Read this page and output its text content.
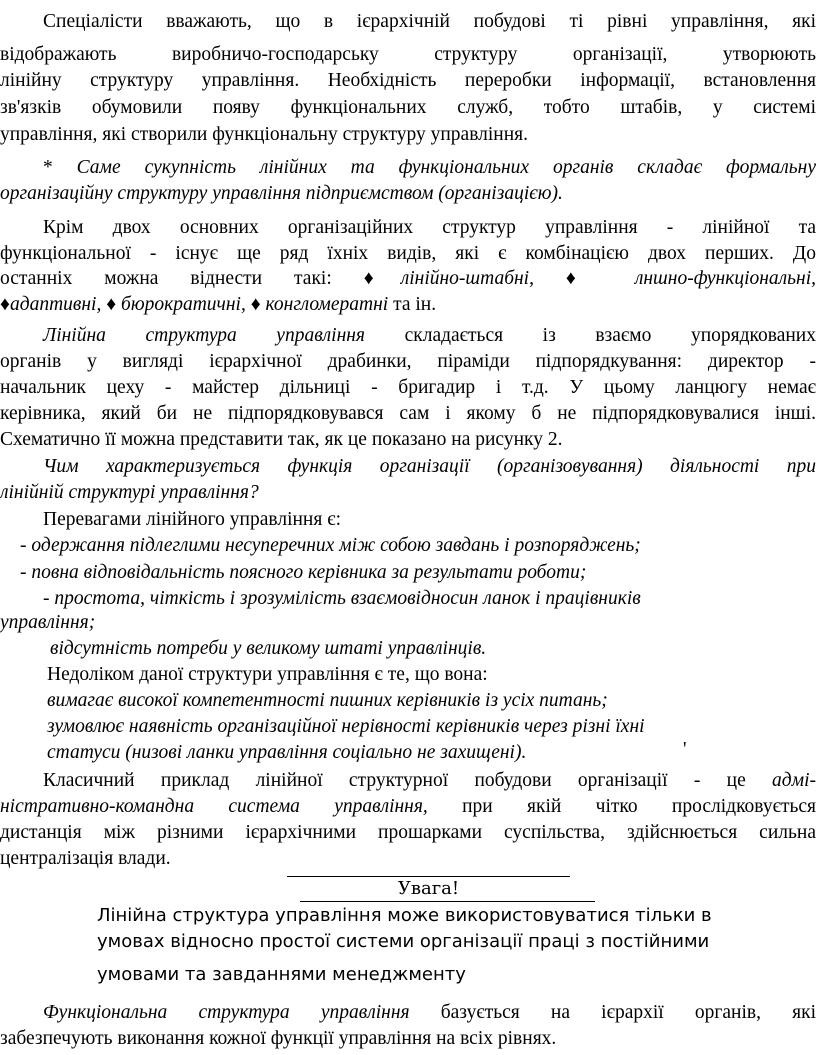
Спеціалісти вважають, що в ієрархічній побудові ті рівні управління, які
відображають виробничо-господарську структуру організації, утворюють
лінійну структуру управління. Необхідність переробки інформації, встановлення
зв'язків обумовили появу функціональних служб, тобто штабів, у системі
управління, які створили функціональну структуру управління.
* Саме сукупність лінійних та функціональних органів складає формальну
організаційну структуру управління підприємством (організацією).
Крім двох основних організаційних структур управління - лінійної та
функціональної - існує ще ряд їхніх видів, які є комбінацією двох перших. До
останніх можна віднести такі: ♦лінійно-штабні, ♦ лншно-функціональні,
♦адаптивні, ♦ бюрократичні, ♦ конгломератні та ін.
Лінійна структура управління складається із взаємо упорядкованих
органів у вигляді ієрархічної драбинки, піраміди підпорядкування: директор -
начальник цеху - майстер дільниці - бригадир і т.д. У цьому ланцюгу немає
керівника, який би не підпорядковувався сам і якому б не підпорядковувалися інші.
Схематично її можна представити так, як це показано на рисунку 2.
Чим характеризується функція організації (організовування) діяльності при
лінійній структурі управління?
Перевагами лінійного управління є:
- одержання підлеглими несуперечних між собою завдань і розпоряджень;
- повна відповідальність поясного керівника за результати роботи;
- простота, чіткість і зрозумілість взаємовідносин ланок і працівників
управління;
відсутність потреби у великому штаті управлінців.
Недоліком даної структури управління є те, що вона:
вимагає високої компетентності пишних керівників із усіх питань;
зумовлює наявність організаційної нерівності керівників через різні їхні
статуси (низові ланки управління соціально не захищені).	'
Класичний приклад лінійної структурної побудови організації - це адмі-
ністративно-командна система управління, при якій чітко прослідковується
дистанція між різними ієрархічними прошарками суспільства, здійснюється сильна
централізація влади.
Увага!
Лінійна структура управління може використовуватися тільки в
умовах відносно простої системи організації праці з постійними
умовами та завданнями менеджменту
Функціональна структура управління базується на ієрархії органів, які
забезпечують виконання кожної функції управління на всіх рівнях.
